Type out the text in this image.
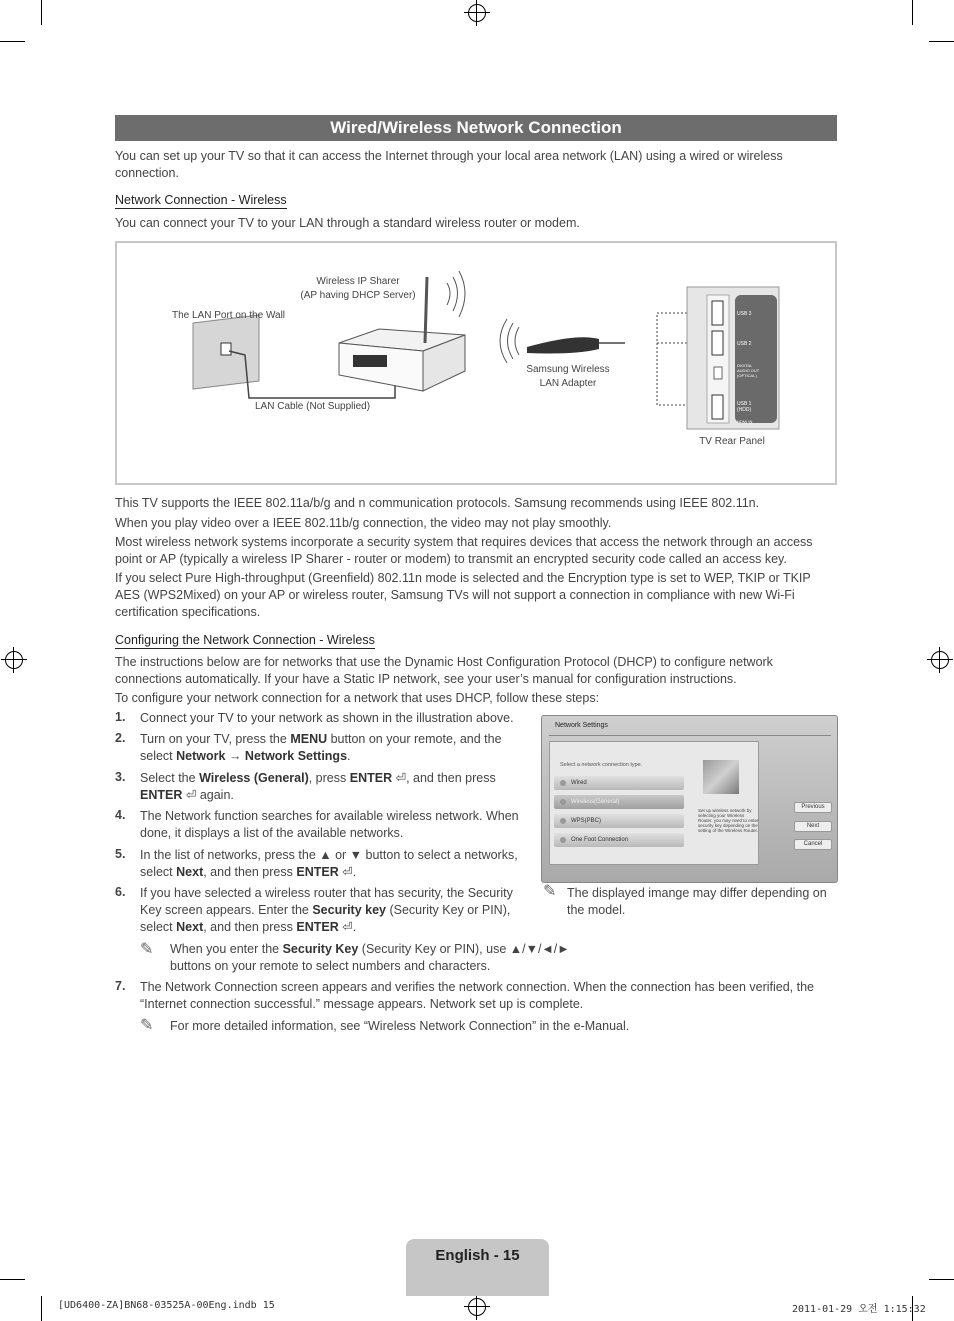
Wired/Wireless Network Connection
You can set up your TV so that it can access the Internet through your local area network (LAN) using a wired or wireless connection.
Network Connection - Wireless
You can connect your TV to your LAN through a standard wireless router or modem.
USB 3
USB 2
DIGITAL AUDIO OUT (OPTICAL)
USB 1 (HDD)
HDMI IN
Wireless IP Sharer
(AP having DHCP Server)
The LAN Port on the Wall
LAN Cable (Not Supplied)
Samsung Wireless
LAN Adapter
TV Rear Panel
This TV supports the IEEE 802.11a/b/g and n communication protocols. Samsung recommends using IEEE 802.11n.
When you play video over a IEEE 802.11b/g connection, the video may not play smoothly.
Most wireless network systems incorporate a security system that requires devices that access the network through an access point or AP (typically a wireless IP Sharer - router or modem) to transmit an encrypted security code called an access key.
If you select Pure High-throughput (Greenfield) 802.11n mode is selected and the Encryption type is set to WEP, TKIP or TKIP AES (WPS2Mixed) on your AP or wireless router, Samsung TVs will not support a connection in compliance with new Wi-Fi certification specifications.
Configuring the Network Connection - Wireless
The instructions below are for networks that use the Dynamic Host Configuration Protocol (DHCP) to configure network connections automatically. If your have a Static IP network, see your user’s manual for configuration instructions.
To configure your network connection for a network that uses DHCP, follow these steps:
1. Connect your TV to your network as shown in the illustration above.
2. Turn on your TV, press the MENU button on your remote, and the select Network → Network Settings.
3. Select the Wireless (General), press ENTER ⏎, and then press ENTER ⏎ again.
4. The Network function searches for available wireless network. When done, it displays a list of the available networks.
5. In the list of networks, press the ▲ or ▼ button to select a networks, select Next, and then press ENTER ⏎.
6. If you have selected a wireless router that has security, the Security Key screen appears. Enter the Security key (Security Key or PIN), select Next, and then press ENTER ⏎.
✎ When you enter the Security Key (Security Key or PIN), use ▲/▼/◄/► buttons on your remote to select numbers and characters.
7. The Network Connection screen appears and verifies the network connection. When the connection has been verified, the “Internet connection successful.” message appears. Network set up is complete.
✎ For more detailed information, see “Wireless Network Connection” in the e-Manual.
Network Settings
Select a network connection type.
Wired
Wireless(General)
WPS(PBC)
One Foot Connection
Set up wireless network by selecting your Wireless Router. you may need to enter security key depending on the setting of the Wireless Router.
Previous
Next
Cancel
✎ The displayed imange may differ depending on the model.
English - 15
[UD6400-ZA]BN68-03525A-00Eng.indb 15	2011-01-29 오전 1:15:32
